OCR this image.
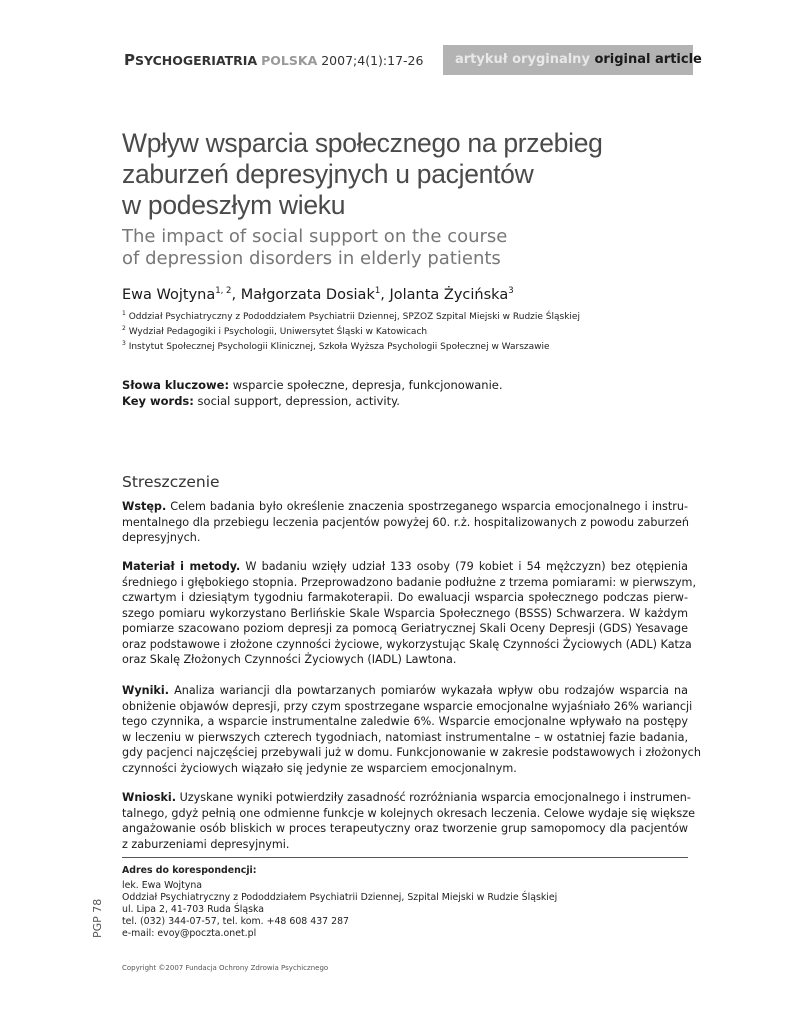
PSYCHOGERIATRIA POLSKA 2007;4(1):17-26	artykuł oryginalny original article
Wpływ wsparcia społecznego na przebieg
zaburzeń depresyjnych u pacjentów
w podeszłym wieku
The impact of social support on the course
of depression disorders in elderly patients
Ewa Wojtyna$^{1, 2}$, Małgorzata Dosiak$^1$, Jolanta Życińska$^3$
$^1$ Oddział Psychiatryczny z Pododdziałem Psychiatrii Dziennej, SPZOZ Szpital Miejski w Rudzie Śląskiej
$^2$ Wydział Pedagogiki i Psychologii, Uniwersytet Śląski w Katowicach
$^3$ Instytut Społecznej Psychologii Klinicznej, Szkoła Wyższa Psychologii Społecznej w Warszawie
Słowa kluczowe: wsparcie społeczne, depresja, funkcjonowanie.
Key words: social support, depression, activity.
Streszczenie
Wstęp. Celem badania było określenie znaczenia spostrzeganego wsparcia emocjonalnego i instru-
mentalnego dla przebiegu leczenia pacjentów powyżej 60. r.ż. hospitalizowanych z powodu zaburzeń
depresyjnych.
Materiał i metody. W badaniu wzięły udział 133 osoby (79 kobiet i 54 mężczyzn) bez otępienia
średniego i głębokiego stopnia. Przeprowadzono badanie podłużne z trzema pomiarami: w pierwszym,
czwartym i dziesiątym tygodniu farmakoterapii. Do ewaluacji wsparcia społecznego podczas pierw-
szego pomiaru wykorzystano Berlińskie Skale Wsparcia Społecznego (BSSS) Schwarzera. W każdym
pomiarze szacowano poziom depresji za pomocą Geriatrycznej Skali Oceny Depresji (GDS) Yesavage
oraz podstawowe i złożone czynności życiowe, wykorzystując Skalę Czynności Życiowych (ADL) Katza
oraz Skalę Złożonych Czynności Życiowych (IADL) Lawtona.
Wyniki. Analiza wariancji dla powtarzanych pomiarów wykazała wpływ obu rodzajów wsparcia na
obniżenie objawów depresji, przy czym spostrzegane wsparcie emocjonalne wyjaśniało 26% wariancji
tego czynnika, a wsparcie instrumentalne zaledwie 6%. Wsparcie emocjonalne wpływało na postępy
w leczeniu w pierwszych czterech tygodniach, natomiast instrumentalne – w ostatniej fazie badania,
gdy pacjenci najczęściej przebywali już w domu. Funkcjonowanie w zakresie podstawowych i złożonych
czynności życiowych wiązało się jedynie ze wsparciem emocjonalnym.
Wnioski. Uzyskane wyniki potwierdziły zasadność rozróżniania wsparcia emocjonalnego i instrumen-
talnego, gdyż pełnią one odmienne funkcje w kolejnych okresach leczenia. Celowe wydaje się większe
angażowanie osób bliskich w proces terapeutyczny oraz tworzenie grup samopomocy dla pacjentów
z zaburzeniami depresyjnymi.
Adres do korespondencji:
lek. Ewa Wojtyna
Oddział Psychiatryczny z Pododdziałem Psychiatrii Dziennej, Szpital Miejski w Rudzie Śląskiej
ul. Lipa 2, 41-703 Ruda Śląska
tel. (032) 344-07-57, tel. kom. +48 608 437 287
e-mail: evoy@poczta.onet.pl
PGP 78
Copyright ©2007 Fundacja Ochrony Zdrowia Psychicznego
